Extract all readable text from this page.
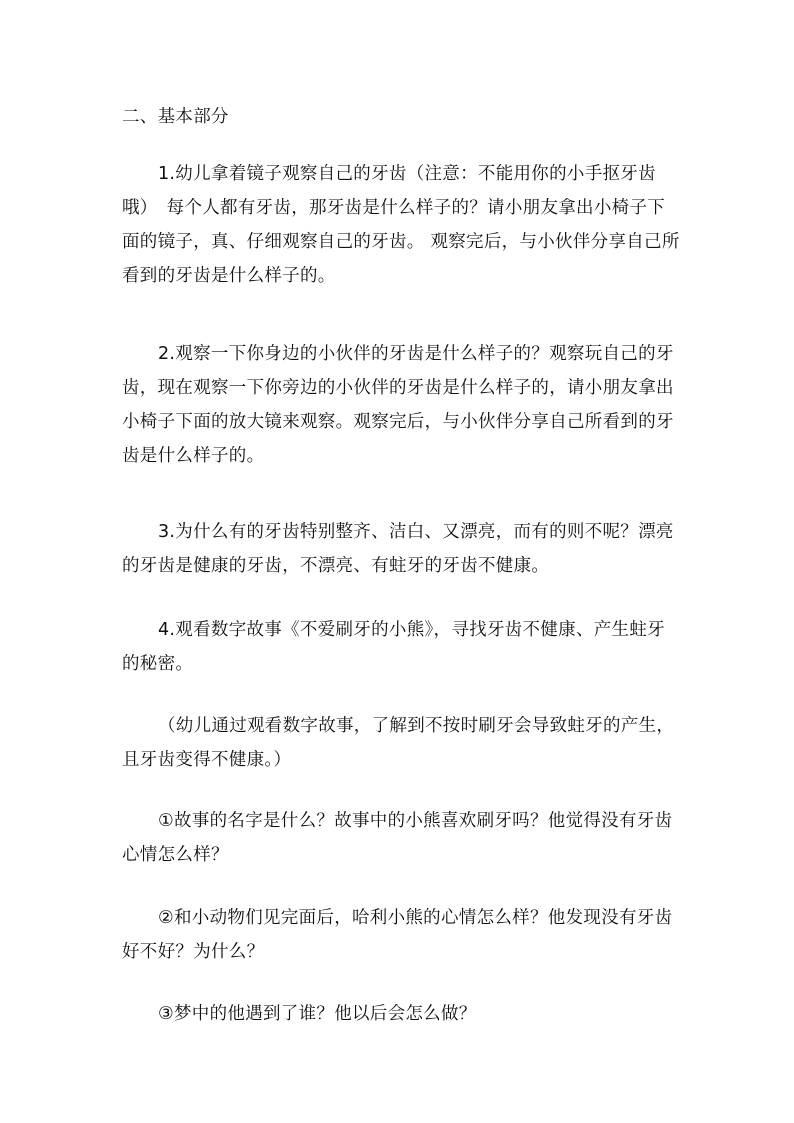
二、基本部分

1.幼儿拿着镜子观察自己的牙齿（注意：不能用你的小手抠牙齿哦）　每个人都有牙齿，那牙齿是什么样子的？请小朋友拿出小椅子下面的镜子，真、仔细观察自己的牙齿。 观察完后，与小伙伴分享自己所看到的牙齿是什么样子的。

2.观察一下你身边的小伙伴的牙齿是什么样子的？观察玩自己的牙齿，现在观察一下你旁边的小伙伴的牙齿是什么样子的，请小朋友拿出小椅子下面的放大镜来观察。观察完后，与小伙伴分享自己所看到的牙齿是什么样子的。

3.为什么有的牙齿特别整齐、洁白、又漂亮，而有的则不呢？漂亮的牙齿是健康的牙齿，不漂亮、有蛀牙的牙齿不健康。

4.观看数字故事《不爱刷牙的小熊》，寻找牙齿不健康、产生蛀牙的秘密。

（幼儿通过观看数字故事，了解到不按时刷牙会导致蛀牙的产生，且牙齿变得不健康。）

①故事的名字是什么？故事中的小熊喜欢刷牙吗？他觉得没有牙齿心情怎么样？

②和小动物们见完面后，哈利小熊的心情怎么样？他发现没有牙齿好不好？为什么？

③梦中的他遇到了谁？他以后会怎么做？
